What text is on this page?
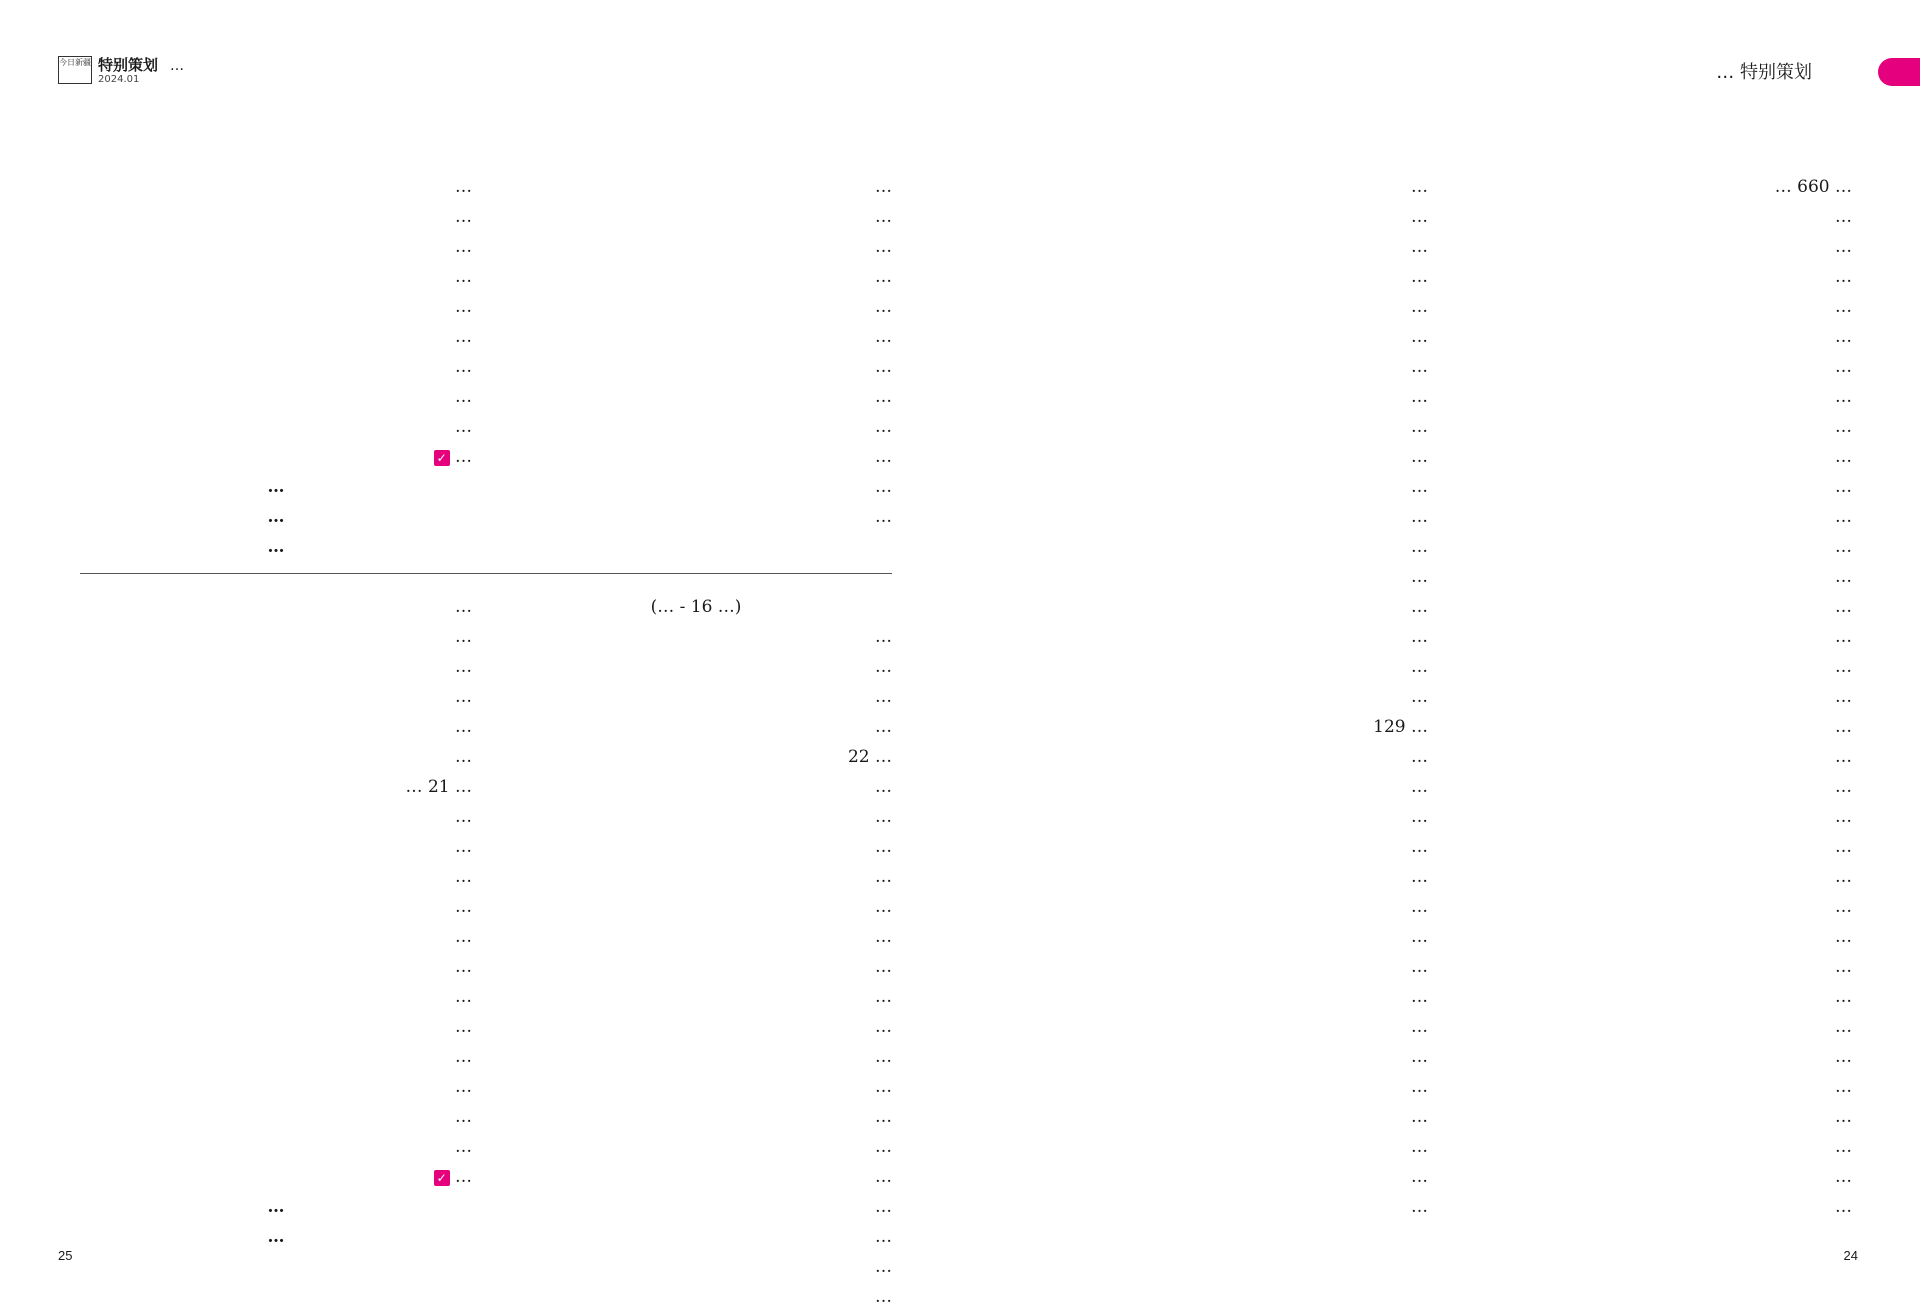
今日新疆 特别策划
2024.01
…	特别策划 …
25	24

… 660 …

…

…

…

…

…

…

…

…

…

…

…

…

…

…

…

…

…

…

…

…

…

…

…

…

…

…

…

…

…

…

…

…

…

…

…

…

…

…

…

…

…

…

…

…

…

…

…

…

…

…

…

…

… 129

…

…

…

…

…

…

…

…

…

…

…

…

…

…

…

…

…

…

…

…

…

…

…

…

…

…

…

…

…

…

…

…

…

…

…

…

…

… ✓

…

…

…

(… 16 - …)

…

…

…

…

… 22

…

…

…

…

…

…

…

…

…

…

…

…

…

…

…

…

…

…

…

…

…

…

…

…

… 21 …

…

…

…

…

…

…

…

…

…

…

…

…

… ✓

…

…
